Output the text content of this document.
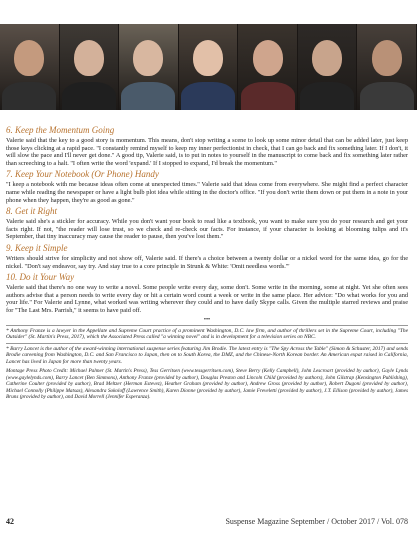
6. Keep the Momentum Going

Valerie said that the key to a good story is momentum. This means, don't stop writing a scene to look up some minor detail that can be added later, just keep those keys clicking at a rapid pace. "I constantly remind myself to keep my inner perfectionist in check, that I can go back and fix something later. If I don't, it will slow the pace and I'll never get done." A good tip, Valerie said, is to put in notes to yourself in the manuscript to come back and fix something later rather than screeching to a halt. "I often write the word 'expand.' If I stopped to expand, I'd break the momentum."

7. Keep Your Notebook (Or Phone) Handy

"I keep a notebook with me because ideas often come at unexpected times." Valerie said that ideas come from everywhere. She might find a perfect character name while reading the newspaper or have a light bulb plot idea while sitting in the doctor's office. "If you don't write them down or put them in a note in your phone when they happen, they're as good as gone."

8. Get it Right

Valerie said she's a stickler for accuracy. While you don't want your book to read like a textbook, you want to make sure you do your research and get your facts right. If not, "the reader will lose trust, so we check and re-check our facts. For instance, if your character is looking at blooming tulips and it's September, that tiny inaccuracy may cause the reader to pause, then you've lost them."

9. Keep it Simple

Writers should strive for simplicity and not show off, Valerie said. If there's a choice between a twenty dollar or a nickel word for the same idea, go for the nickel. "Don't say endeavor, say try. And stay true to a core principle in Strunk & White: 'Omit needless words.'"

10. Do it Your Way

Valerie said that there's no one way to write a novel. Some people write every day, some don't. Some write in the morning, some at night. Yet she often sees authors advise that a person needs to write every day or hit a certain word count a week or write in the same place. Her advice: "Do what works for you and your life." For Valerie and Lynne, what worked was writing wherever they could and to have daily Skype calls. Given the multiple starred reviews and praise for "The Last Mrs. Parrish," it seems to have paid off.

•••

* Anthony Franze is a lawyer in the Appellate and Supreme Court practice of a prominent Washington, D.C. law firm, and author of thrillers set in the Supreme Court, including "The Outsider" (St. Martin's Press, 2017), which the Associated Press called "a winning novel" and is in development for a television series on NBC.

* Barry Lancet is the author of the award-winning international suspense series featuring Jim Brodie. The latest entry is "The Spy Across the Table" (Simon & Schuster, 2017) and sends Brodie careening from Washington, D.C. and San Francisco to Japan, then on to South Korea, the DMZ, and the Chinese-North Korean border. An American expat raised in California, Lancet has lived in Japan for more than twenty years.

Montage Press Photo Credit: Michael Palmer (St. Martin's Press), Tess Gerritsen (www.tessgerritsen.com), Steve Berry (Kelly Campbell), John Lescroart (provided by author), Gayle Lynds (www.gaylelynds.com), Barry Lancet (Ben Simmons), Anthony Franze (provided by author), Douglas Preston and Lincoln Child (provided by authors), John Gilstrap (Kensington Publishing), Catherine Coulter (provided by author), Brad Meltzer (Herman Estevez), Heather Graham (provided by author), Andrew Gross (provided by author), Robert Dugoni (provided by author), Michael Connolly (Philippe Matsas), Alexandra Sokoloff (Lawrence Smith), Karen Dionne (provided by author), Jamie Freveletti (provided by author), J.T. Ellison (provided by author), James Bruns (provided by author), and David Morrell (Jennifer Esperanza).

42	Suspense Magazine September / October 2017 / Vol. 078
